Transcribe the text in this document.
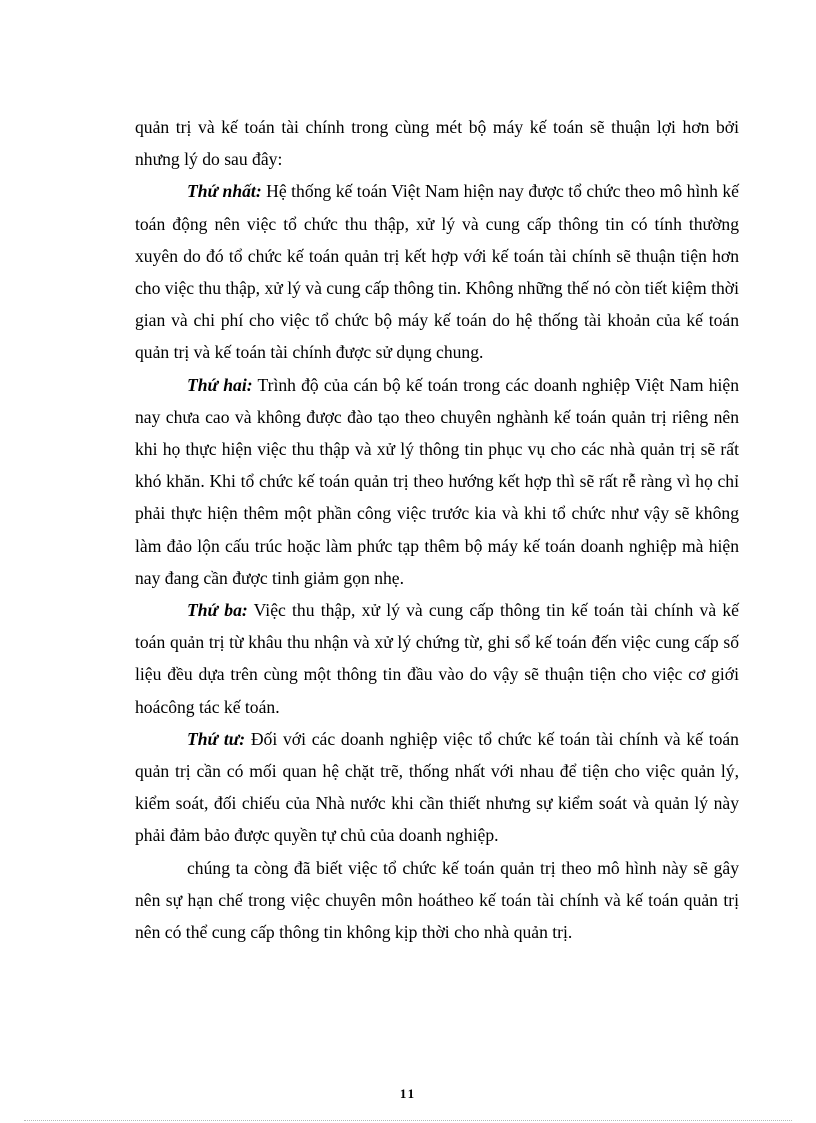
quản trị và kế toán tài chính trong cùng mét bộ máy kế toán sẽ thuận lợi hơn bởi nhưng lý do sau đây:

Thứ nhất: Hệ thống kế toán Việt Nam hiện nay được tổ chức theo mô hình kế toán động nên việc tổ chức thu thập, xử lý và cung cấp thông tin có tính thường xuyên do đó tổ chức kế toán quản trị kết hợp với kế toán tài chính sẽ thuận tiện hơn cho việc thu thập, xử lý và cung cấp thông tin. Không những thế nó còn tiết kiệm thời gian và chi phí cho việc tổ chức bộ máy kế toán do hệ thống tài khoản của kế toán quản trị và kế toán tài chính được sử dụng chung.

Thứ hai: Trình độ của cán bộ kế toán trong các doanh nghiệp Việt Nam hiện nay chưa cao và không được đào tạo theo chuyên nghành kế toán quản trị riêng nên khi họ thực hiện việc thu thập và xử lý thông tin phục vụ cho các nhà quản trị sẽ rất khó khăn. Khi tổ chức kế toán quản trị theo hướng kết hợp thì sẽ rất rễ ràng vì họ chỉ phải thực hiện thêm một phần công việc trước kia và khi tổ chức như vậy sẽ không làm đảo lộn cấu trúc hoặc làm phức tạp thêm bộ máy kế toán doanh nghiệp mà hiện nay đang cần được tinh giảm gọn nhẹ.

Thứ ba: Việc thu thập, xử lý và cung cấp thông tin kế toán tài chính và kế toán quản trị từ khâu thu nhận và xử lý chứng từ, ghi sổ kế toán đến việc cung cấp số liệu đều dựa trên cùng một thông tin đầu vào do vậy sẽ thuận tiện cho việc cơ giới hoácông tác kế toán.

Thứ tư: Đối với các doanh nghiệp việc tổ chức kế toán tài chính và kế toán quản trị cần có mối quan hệ chặt trẽ, thống nhất với nhau để tiện cho việc quản lý, kiểm soát, đối chiếu của Nhà nước khi cần thiết nhưng sự kiểm soát và quản lý này phải đảm bảo được quyền tự chủ của doanh nghiệp.

chúng ta còng đã biết việc tổ chức kế toán quản trị theo mô hình này sẽ gây nên sự hạn chế trong việc chuyên môn hoátheo kế toán tài chính và kế toán quản trị nên có thể cung cấp thông tin không kịp thời cho nhà quản trị.

11
